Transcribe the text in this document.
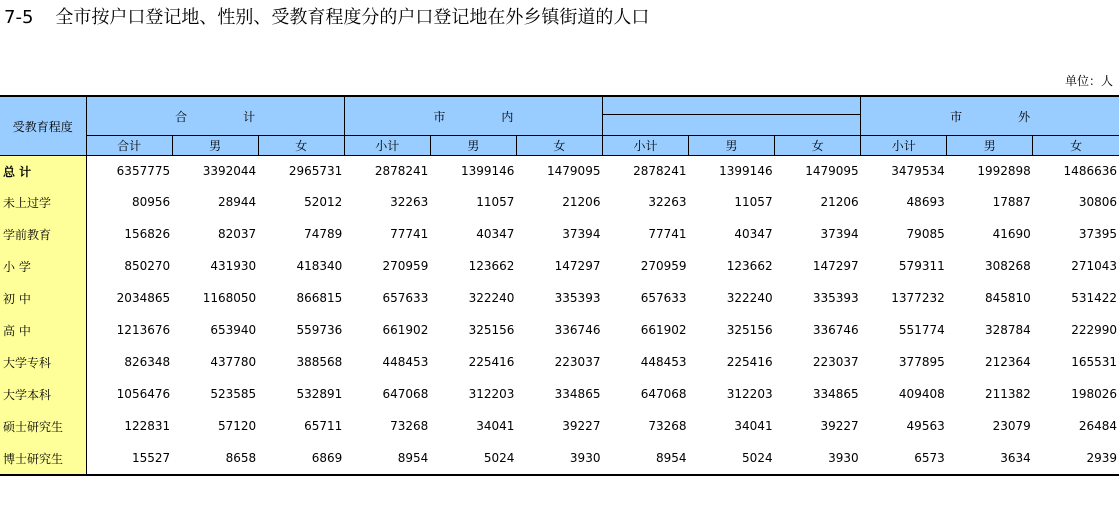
7-5 全市按户口登记地、性别、受教育程度分的户口登记地在外乡镇街道的人口
单位：人
受教育程度	合 计			市 内						市 外		

	合计	男	女	小计	男	女	小计	男	女	小计	男	女
总 计	6357775	3392044	2965731	2878241	1399146	1479095	2878241	1399146	1479095	3479534	1992898	1486636
未上过学	80956	28944	52012	32263	11057	21206	32263	11057	21206	48693	17887	30806
学前教育	156826	82037	74789	77741	40347	37394	77741	40347	37394	79085	41690	37395
小 学	850270	431930	418340	270959	123662	147297	270959	123662	147297	579311	308268	271043
初 中	2034865	1168050	866815	657633	322240	335393	657633	322240	335393	1377232	845810	531422
高 中	1213676	653940	559736	661902	325156	336746	661902	325156	336746	551774	328784	222990
大学专科	826348	437780	388568	448453	225416	223037	448453	225416	223037	377895	212364	165531
大学本科	1056476	523585	532891	647068	312203	334865	647068	312203	334865	409408	211382	198026
硕士研究生	122831	57120	65711	73268	34041	39227	73268	34041	39227	49563	23079	26484
博士研究生	15527	8658	6869	8954	5024	3930	8954	5024	3930	6573	3634	2939
